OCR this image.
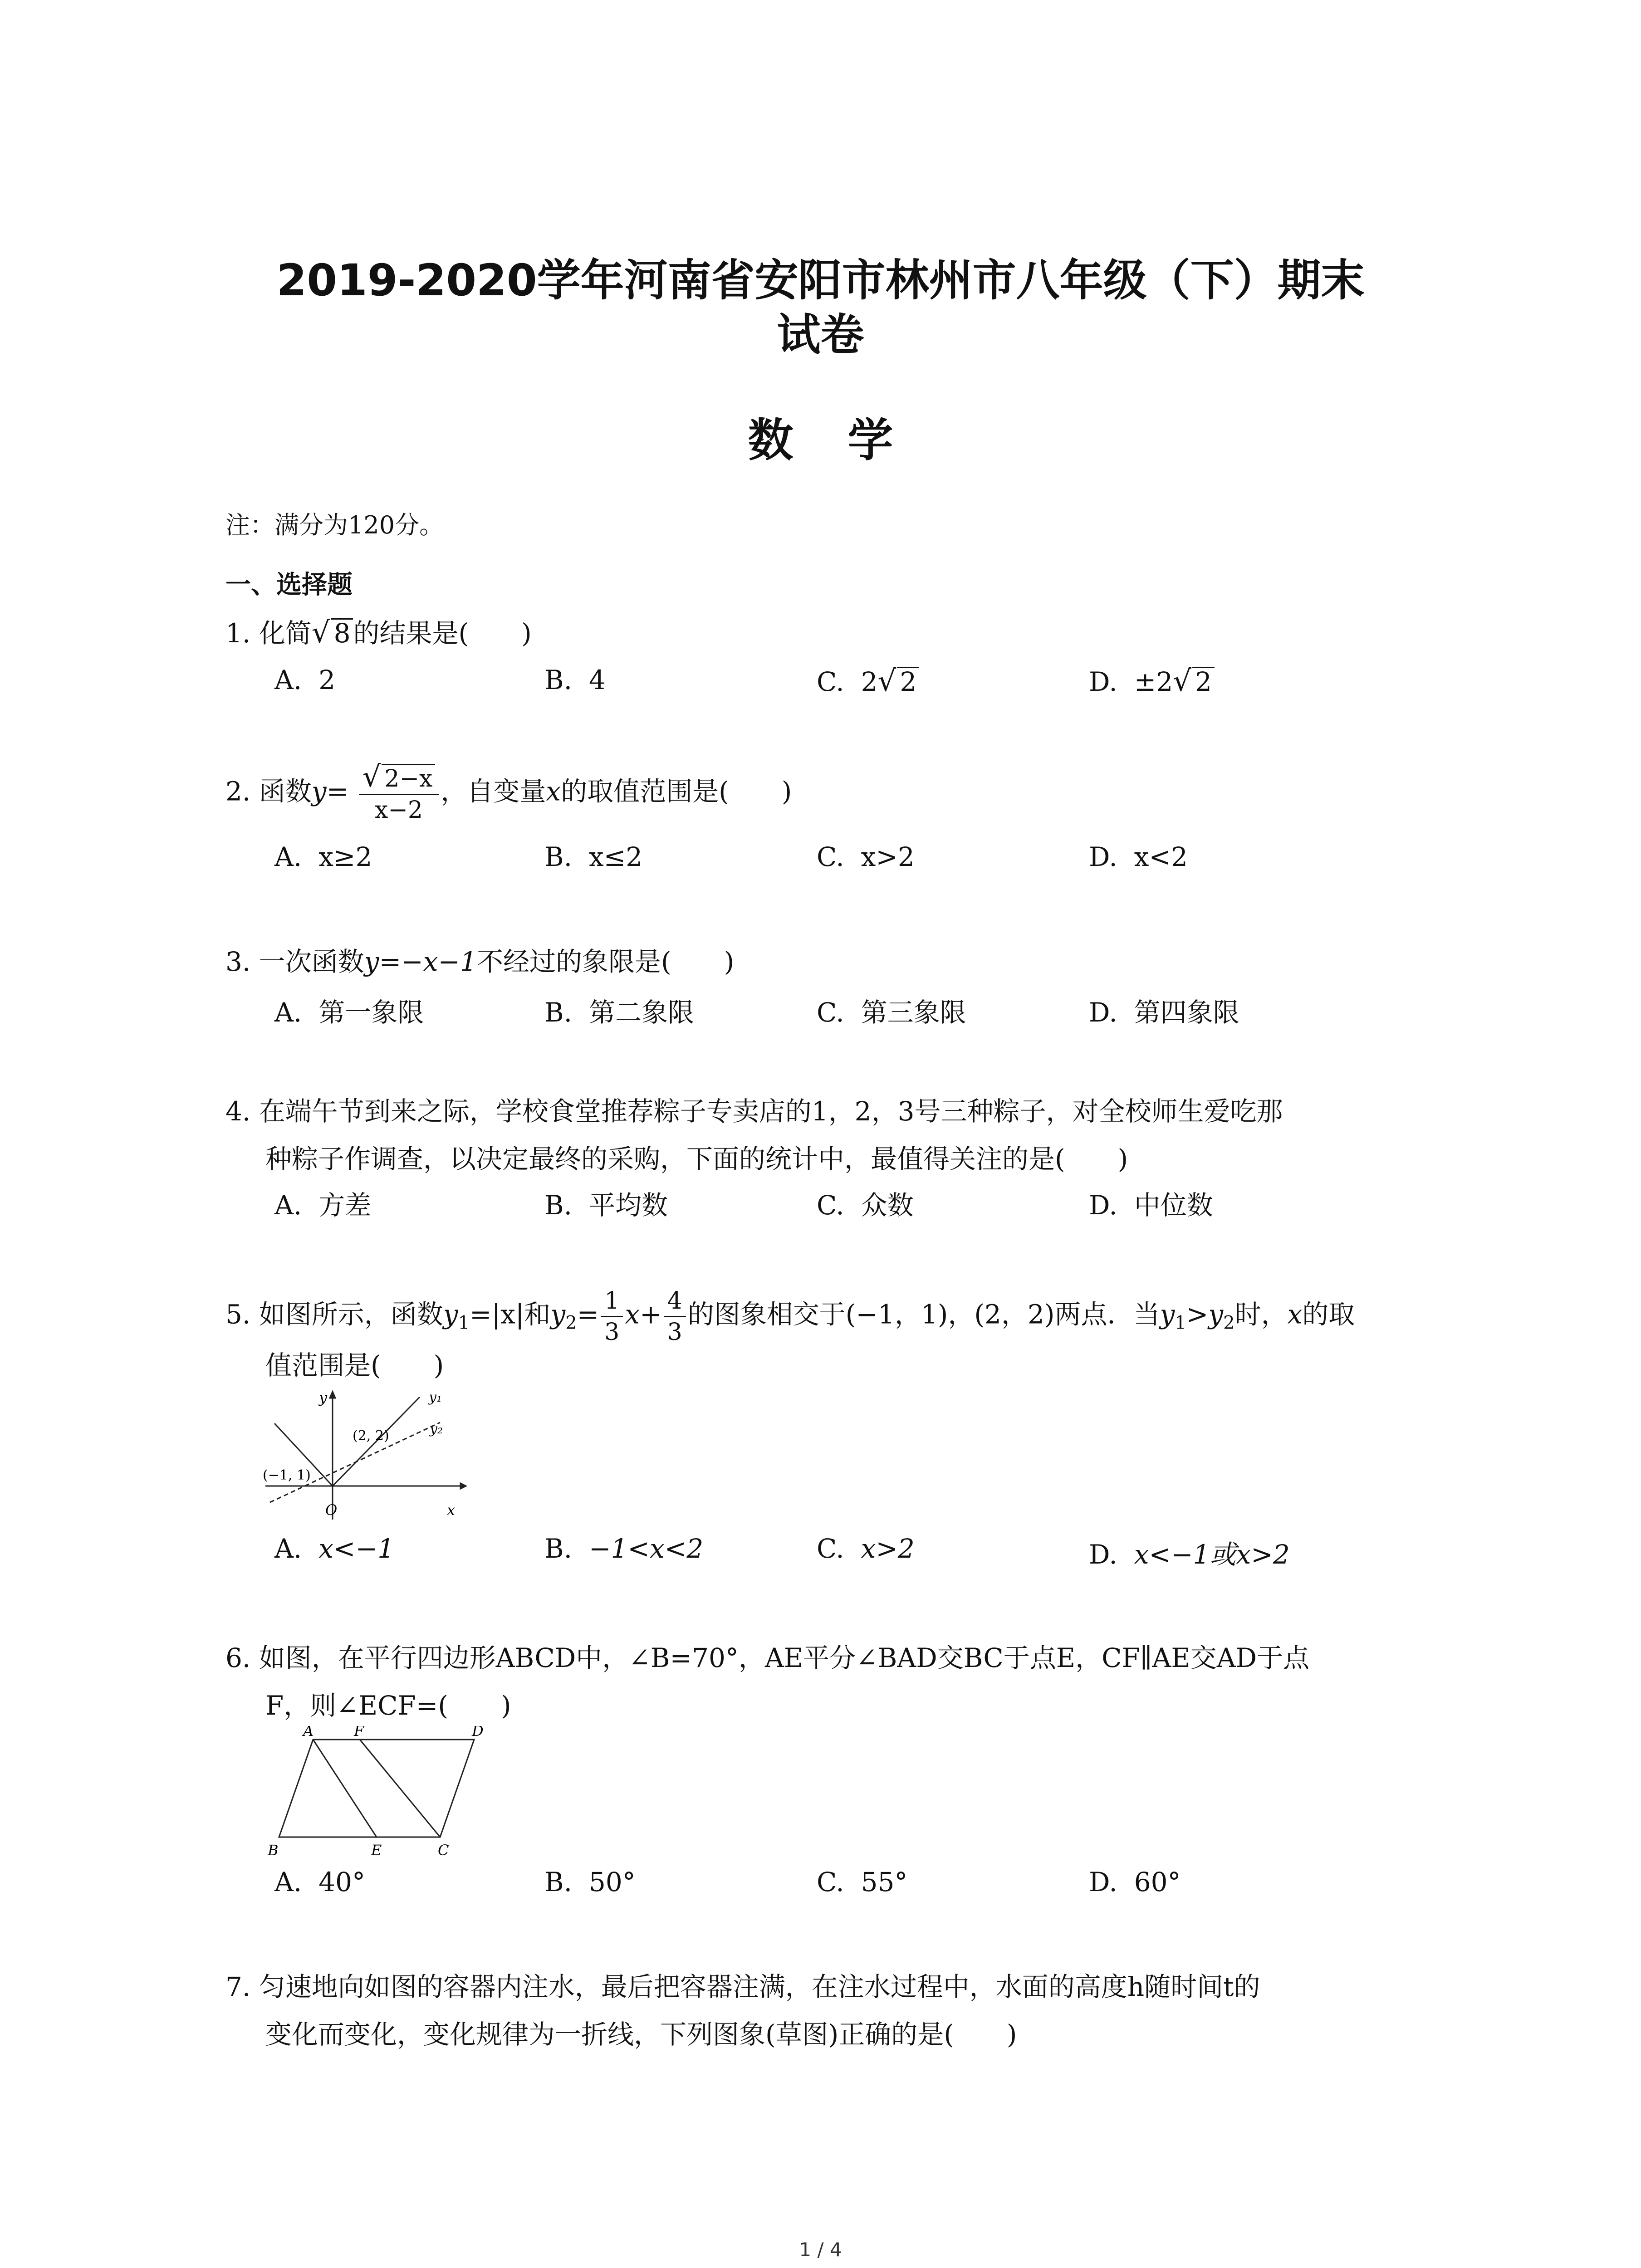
2019-2020学年河南省安阳市林州市八年级（下）期末
试卷
数学
注：满分为120分。
一、选择题
1. 化简√ 8 的结果是(　　)
A. 2	B. 4	C. 2√ 2	D. ±2√ 2
2. 函数$y= \frac{√ 2-x}{x-2}$ ，自变量x的取值范围是(　　)
A. x≥2	B. x≤2	C. x>2	D. x<2
3. 一次函数y=−x−1不经过的象限是(　　)
A. 第一象限	B. 第二象限	C. 第三象限	D. 第四象限
4. 在端午节到来之际，学校食堂推荐粽子专卖店的1，2，3号三种粽子，对全校师生爱吃那
种粽子作调查，以决定最终的采购，下面的统计中，最值得关注的是(　　)
A. 方差	B. 平均数	C. 众数	D. 中位数
5. 如图所示，函数$y_1=|x|$和$y_2= \frac{1}{3} x+ \frac{4}{3}$ 的图象相交于(−1，1)，(2，2)两点．当$y_1>y_2$时，x的取
值范围是(　　)
y
x
O
y₁
y₂
(2, 2)
(−1, 1)
A. x<−1	B. −1<x<2	C. x>2	D. x<−1或x>2
6. 如图，在平行四边形ABCD中，∠B=70°，AE平分∠BAD交BC于点E，CF∥AE交AD于点
F，则∠ECF=(　　)
A	F	D
B	E	C
A. 40°	B. 50°	C. 55°	D. 60°
7. 匀速地向如图的容器内注水，最后把容器注满，在注水过程中，水面的高度h随时间t的
变化而变化，变化规律为一折线，下列图象(草图)正确的是(　　)
1 / 4
